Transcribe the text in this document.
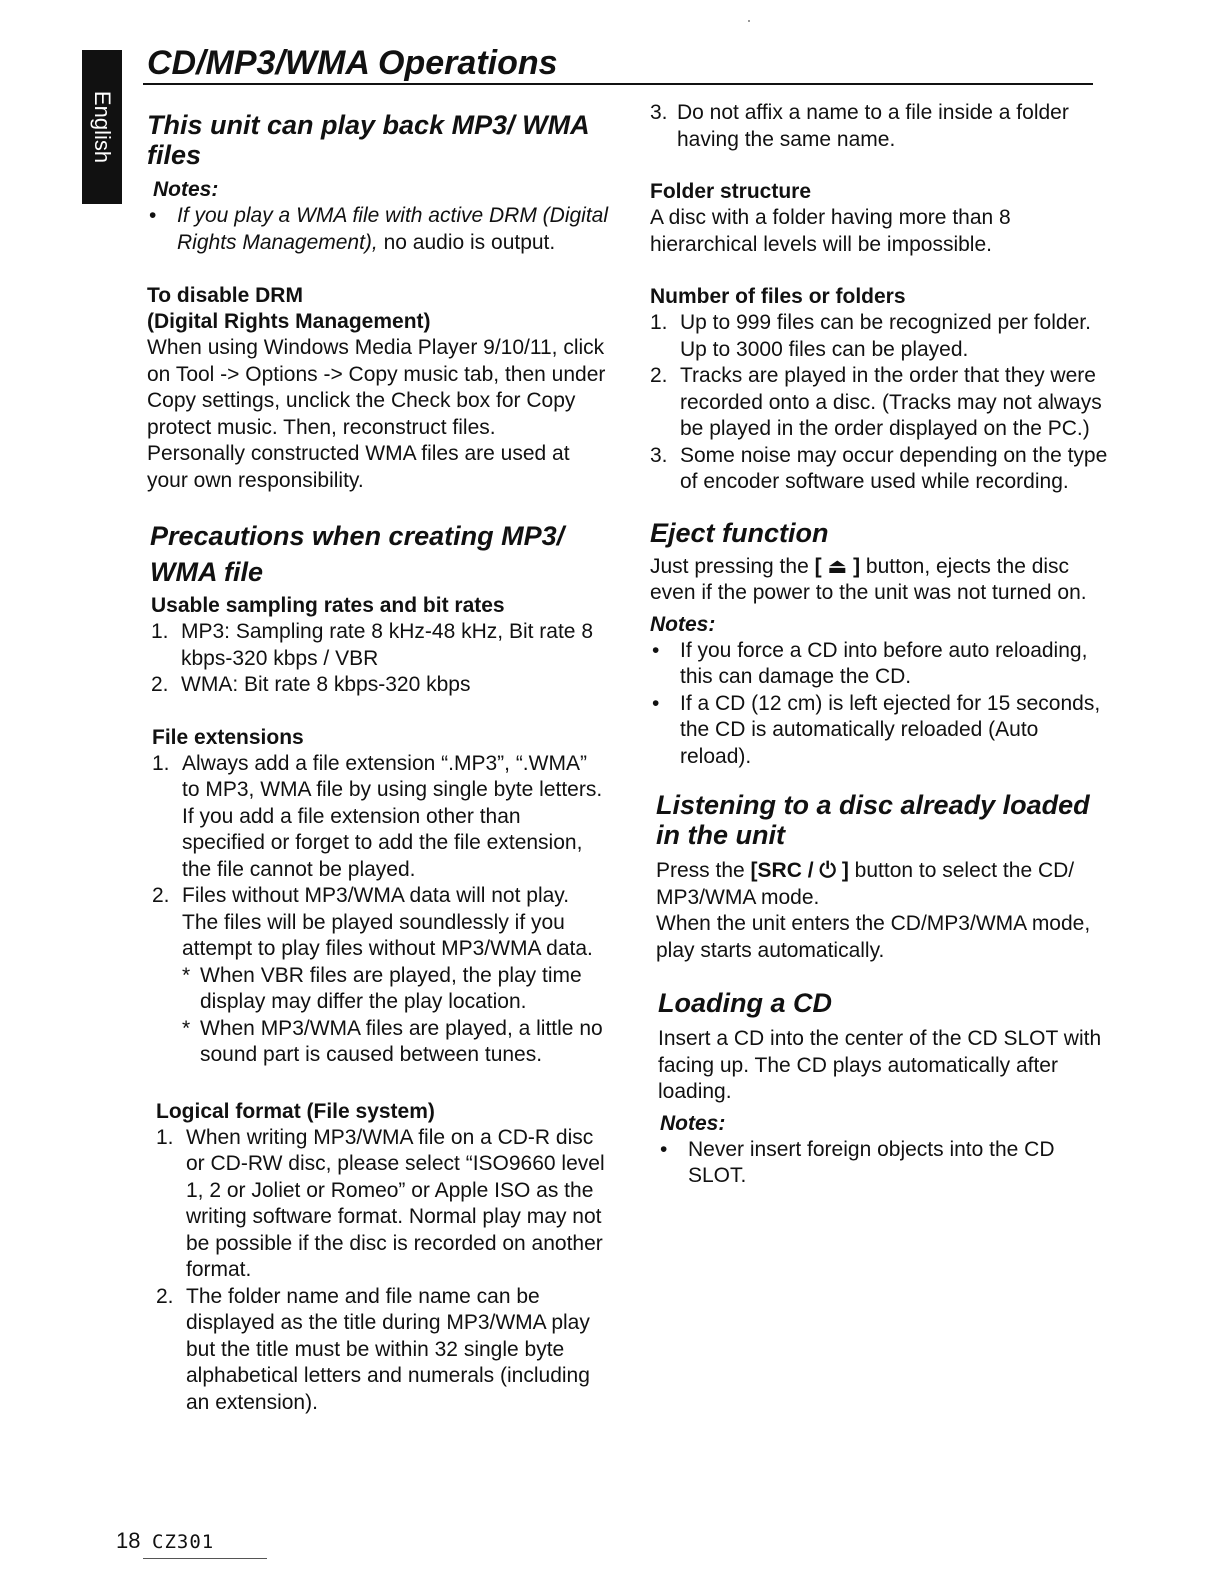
English
CD/MP3/WMA Operations
This unit can play back MP3/ WMA files
Notes:
• If you play a WMA file with active DRM (Digital Rights Management), no audio is output.
To disable DRM
(Digital Rights Management)

When using Windows Media Player 9/10/11, click on Tool -> Options -> Copy music tab, then under Copy settings, unclick the Check box for Copy protect music. Then, reconstruct files.

Personally constructed WMA files are used at your own responsibility.

Precautions when creating MP3/ WMA file
Usable sampling rates and bit rates
1. MP3: Sampling rate 8 kHz-48 kHz, Bit rate 8 kbps-320 kbps / VBR
2. WMA: Bit rate 8 kbps-320 kbps
File extensions
1. Always add a file extension “.MP3”, “.WMA” to MP3, WMA file by using single byte letters. If you add a file extension other than specified or forget to add the file extension, the file cannot be played.
2. Files without MP3/WMA data will not play. The files will be played soundlessly if you attempt to play files without MP3/WMA data.
* When VBR files are played, the play time display may differ the play location.
* When MP3/WMA files are played, a little no sound part is caused between tunes.
Logical format (File system)
1. When writing MP3/WMA file on a CD-R disc or CD-RW disc, please select “ISO9660 level 1, 2 or Joliet or Romeo” or Apple ISO as the writing software format. Normal play may not be possible if the disc is recorded on another format.
2. The folder name and file name can be displayed as the title during MP3/WMA play but the title must be within 32 single byte alphabetical letters and numerals (including an extension).
3. Do not affix a name to a file inside a folder having the same name.
Folder structure

A disc with a folder having more than 8 hierarchical levels will be impossible.

Number of files or folders
1. Up to 999 files can be recognized per folder.
Up to 3000 files can be played.
2. Tracks are played in the order that they were recorded onto a disc. (Tracks may not always be played in the order displayed on the PC.)
3. Some noise may occur depending on the type of encoder software used while recording.
Eject function

Just pressing the [ ⏏ ] button, ejects the disc even if the power to the unit was not turned on.

Notes:
• If you force a CD into before auto reloading, this can damage the CD.
• If a CD (12 cm) is left ejected for 15 seconds, the CD is automatically reloaded (Auto reload).
Listening to a disc already loaded in the unit

Press the [SRC / ⏻ ] button to select the CD/ MP3/WMA mode.

When the unit enters the CD/MP3/WMA mode, play starts automatically.

Loading a CD

Insert a CD into the center of the CD SLOT with facing up. The CD plays automatically after loading.

Notes:
• Never insert foreign objects into the CD SLOT.
18 CZ301
